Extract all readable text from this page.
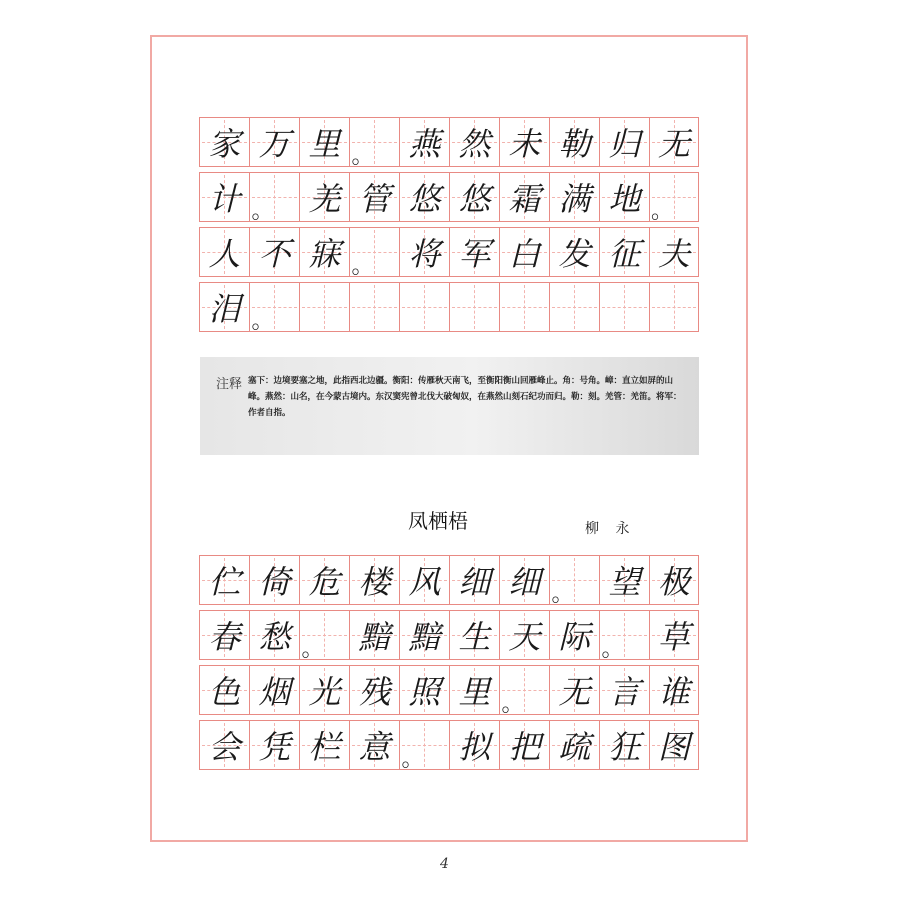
家 万 里 。 燕 然 未 勒 归 无
计 。 羌 管 悠 悠 霜 满 地 。
人 不 寐 。 将 军 白 发 征 夫
泪 。
注释 塞下：边境要塞之地，此指西北边疆。衡阳：传雁秋天南飞，至衡阳衡山回雁峰止。角：号角。嶂：直立如屏的山峰。燕然：山名，在今蒙古境内。东汉窦宪曾北伐大破匈奴，在燕然山刻石纪功而归。勒：刻。羌管：羌笛。将军：作者自指。
凤栖梧	柳 永
伫 倚 危 楼 风 细 细 。 望 极
春 愁 。 黯 黯 生 天 际 。 草
色 烟 光 残 照 里 。 无 言 谁
会 凭 栏 意 。 拟 把 疏 狂 图
4
